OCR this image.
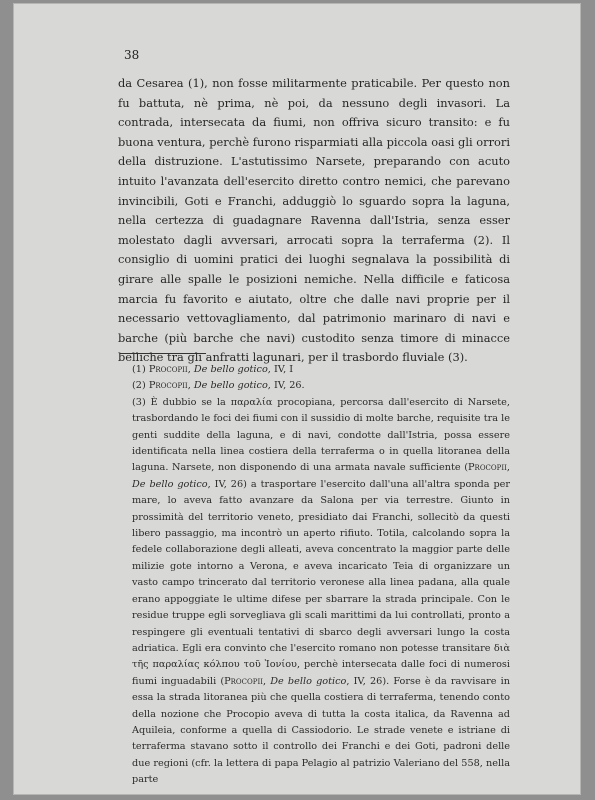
38

da Cesarea (1), non fosse militarmente praticabile. Per questo non fu battuta, nè prima, nè poi, da nessuno degli invasori. La contrada, intersecata da fiumi, non offriva sicuro transito: e fu buona ventura, perchè furono risparmiati alla piccola oasi gli orrori della distruzione. L'astutissimo Narsete, preparando con acuto intuito l'avanzata dell'esercito diretto contro nemici, che parevano invincibili, Goti e Franchi, adduggiò lo sguardo sopra la laguna, nella certezza di guadagnare Ravenna dall'Istria, senza esser molestato dagli avversari, arrocati sopra la terraferma (2). Il consiglio di uomini pratici dei luoghi segnalava la possibilità di girare alle spalle le posizioni nemiche. Nella difficile e faticosa marcia fu favorito e aiutato, oltre che dalle navi proprie per il necessario vettovagliamento, dal patrimonio marinaro di navi e barche (più barche che navi) custodito senza timore di minacce belliche tra gli anfratti lagunari, per il trasbordo fluviale (3).

(1) Procopii, De bello gotico, IV, I

(2) Procopii, De bello gotico, IV, 26.

(3) È dubbio se la παραλία procopiana, percorsa dall'esercito di Narsete, trasbordando le foci dei fiumi con il sussidio di molte barche, requisite tra le genti suddite della laguna, e di navi, condotte dall'Istria, possa essere identificata nella linea costiera della terraferma o in quella litoranea della laguna. Narsete, non disponendo di una armata navale sufficiente (Procopii, De bello gotico, IV, 26) a trasportare l'esercito dall'una all'altra sponda per mare, lo aveva fatto avanzare da Salona per via terrestre. Giunto in prossimità del territorio veneto, presidiato dai Franchi, sollecitò da questi libero passaggio, ma incontrò un aperto rifiuto. Totila, calcolando sopra la fedele collaborazione degli alleati, aveva concentrato la maggior parte delle milizie gote intorno a Verona, e aveva incaricato Teia di organizzare un vasto campo trincerato dal territorio veronese alla linea padana, alla quale erano appoggiate le ultime difese per sbarrare la strada principale. Con le residue truppe egli sorvegliava gli scali marittimi da lui controllati, pronto a respingere gli eventuali tentativi di sbarco degli avversari lungo la costa adriatica. Egli era convinto che l'esercito romano non potesse transitare διὰ τῆς παραλίας κόλπου τοῦ Ἰονίου, perchè intersecata dalle foci di numerosi fiumi inguadabili (Procopii, De bello gotico, IV, 26). Forse è da ravvisare in essa la strada litoranea più che quella costiera di terraferma, tenendo conto della nozione che Procopio aveva di tutta la costa italica, da Ravenna ad Aquileia, conforme a quella di Cassiodorio. Le strade venete e istriane di terraferma stavano sotto il controllo dei Franchi e dei Goti, padroni delle due regioni (cfr. la lettera di papa Pelagio al patrizio Valeriano del 558, nella parte
